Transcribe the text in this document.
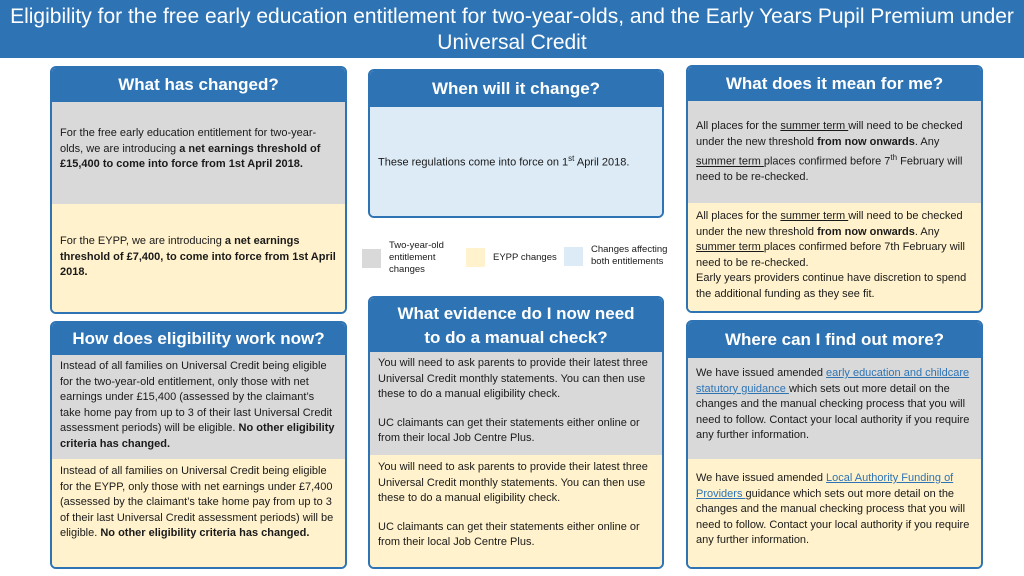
Eligibility for the free early education entitlement for two-year-olds, and the Early Years Pupil Premium under Universal Credit
What has changed?
For the free early education entitlement for two-year-olds, we are introducing a net earnings threshold of £15,400 to come into force from 1st April 2018.
For the EYPP, we are introducing a net earnings threshold of £7,400, to come into force from 1st April 2018.
When will it change?
These regulations come into force on 1st April 2018.
Two-year-old entitlement changes
EYPP changes
Changes affecting both entitlements
What does it mean for me?
All places for the summer term will need to be checked under the new threshold from now onwards. Any summer term places confirmed before 7th February will need to be re-checked.
All places for the summer term will need to be checked under the new threshold from now onwards. Any summer term places confirmed before 7th February will need to be re-checked.
Early years providers continue have discretion to spend the additional funding as they see fit.
How does eligibility work now?
Instead of all families on Universal Credit being eligible for the two-year-old entitlement, only those with net earnings under £15,400 (assessed by the claimant’s take home pay from up to 3 of their last Universal Credit assessment periods) will be eligible. No other eligibility criteria has changed.
Instead of all families on Universal Credit being eligible for the EYPP, only those with net earnings under £7,400 (assessed by the claimant’s take home pay from up to 3 of their last Universal Credit assessment periods) will be eligible. No other eligibility criteria has changed.
What evidence do I now need to do a manual check?

You will need to ask parents to provide their latest three Universal Credit monthly statements. You can then use these to do a manual eligibility check.

UC claimants can get their statements either online or from their local Job Centre Plus.

You will need to ask parents to provide their latest three Universal Credit monthly statements. You can then use these to do a manual eligibility check.

UC claimants can get their statements either online or from their local Job Centre Plus.

Where can I find out more?
We have issued amended early education and childcare statutory guidance which sets out more detail on the changes and the manual checking process that you will need to follow. Contact your local authority if you require any further information.
We have issued amended Local Authority Funding of Providers guidance which sets out more detail on the changes and the manual checking process that you will need to follow. Contact your local authority if you require any further information.
